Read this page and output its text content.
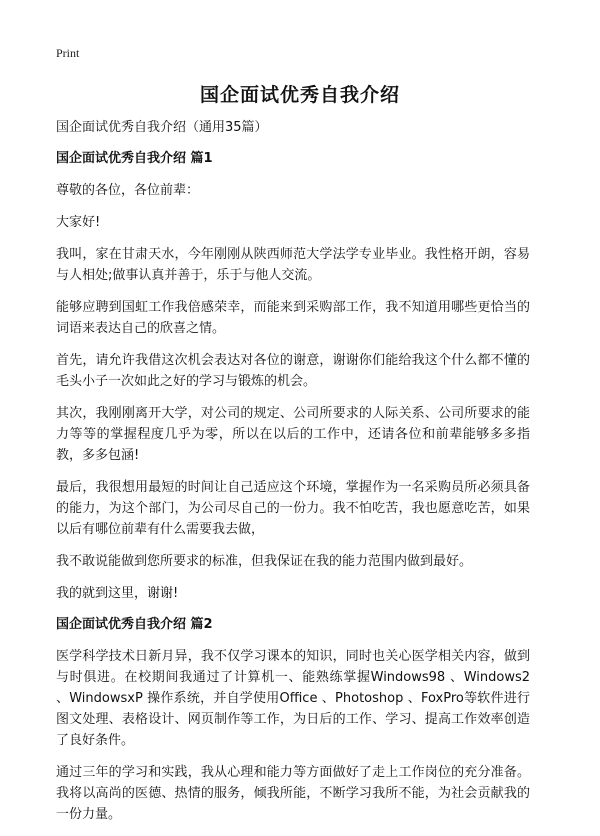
Print
国企面试优秀自我介绍
国企面试优秀自我介绍（通用35篇）
国企面试优秀自我介绍 篇1

尊敬的各位，各位前辈：

大家好!

我叫，家在甘肃天水，今年刚刚从陕西师范大学法学专业毕业。我性格开朗，容易与人相处;做事认真并善于，乐于与他人交流。

能够应聘到国虹工作我倍感荣幸，而能来到采购部工作，我不知道用哪些更恰当的词语来表达自己的欣喜之情。

首先，请允许我借这次机会表达对各位的谢意，谢谢你们能给我这个什么都不懂的毛头小子一次如此之好的学习与锻炼的机会。

其次，我刚刚离开大学，对公司的规定、公司所要求的人际关系、公司所要求的能力等等的掌握程度几乎为零，所以在以后的工作中，还请各位和前辈能够多多指教，多多包涵!

最后，我很想用最短的时间让自己适应这个环境，掌握作为一名采购员所必须具备的能力，为这个部门，为公司尽自己的一份力。我不怕吃苦，我也愿意吃苦，如果以后有哪位前辈有什么需要我去做，

我不敢说能做到您所要求的标准，但我保证在我的能力范围内做到最好。

我的就到这里，谢谢!

国企面试优秀自我介绍 篇2

医学科学技术日新月异，我不仅学习课本的知识，同时也关心医学相关内容，做到与时俱进。在校期间我通过了计算机一、能熟练掌握Windows98 、Windows2 、WindowsxP 操作系统，并自学使用Office 、Photoshop 、FoxPro等软件进行图文处理、表格设计、网页制作等工作，为日后的工作、学习、提高工作效率创造了良好条件。

通过三年的学习和实践，我从心理和能力等方面做好了走上工作岗位的充分准备。我将以高尚的医德、热情的服务，倾我所能，不断学习我所不能，为社会贡献我的一份力量。
